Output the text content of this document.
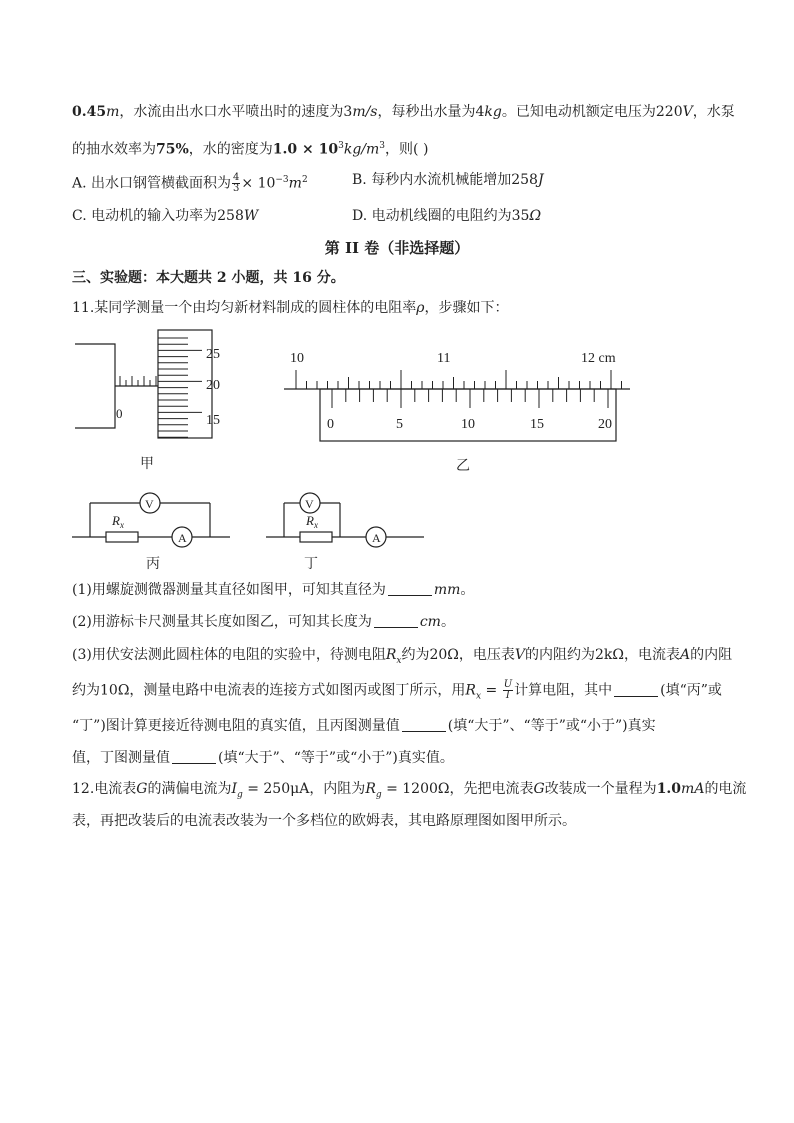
0.45m，水流由出水口水平喷出时的速度为3m/s，每秒出水量为4kg。已知电动机额定电压为220V，水泵
的抽水效率为75%，水的密度为$1.0 \times 10^3kg/m^3$，则( )
A. 出水口钢管横截面积为 $\frac{4}{3} \times 10^{-3}m^2$	B. 每秒内水流机械能增加258J
C. 电动机的输入功率为258W	D. 电动机线圈的电阻约为35Ω
第 II 卷（非选择题）
三、实验题：本大题共 2 小题，共 16 分。
11.某同学测量一个由均匀新材料制成的圆柱体的电阻率ρ，步骤如下：
25
20
15
0
甲
10	11	12 cm
0	5	10	15	20
乙
V
A
$R_x$
丙
V
A
$R_x$
丁
(1)用螺旋测微器测量其直径如图甲，可知其直径为	mm。
(2)用游标卡尺测量其长度如图乙，可知其长度为	cm。
(3)用伏安法测此圆柱体的电阻的实验中，待测电阻$R_x$约为20Ω，电压表V的内阻约为2kΩ，电流表A的内阻
约为10Ω，测量电路中电流表的连接方式如图丙或图丁所示，用$R_x = \frac{U}{I}$ 计算电阻，其中	(填“丙”或
“丁”)图计算更接近待测电阻的真实值，且丙图测量值	(填“大于”、“等于”或“小于”)真实
值，丁图测量值	(填“大于”、“等于”或“小于”)真实值。
12.电流表G的满偏电流为$I_g = 250\mu A$，内阻为$R_g = 1200\Omega$，先把电流表G改装成一个量程为1.0mA的电流
表，再把改装后的电流表改装为一个多档位的欧姆表，其电路原理图如图甲所示。
